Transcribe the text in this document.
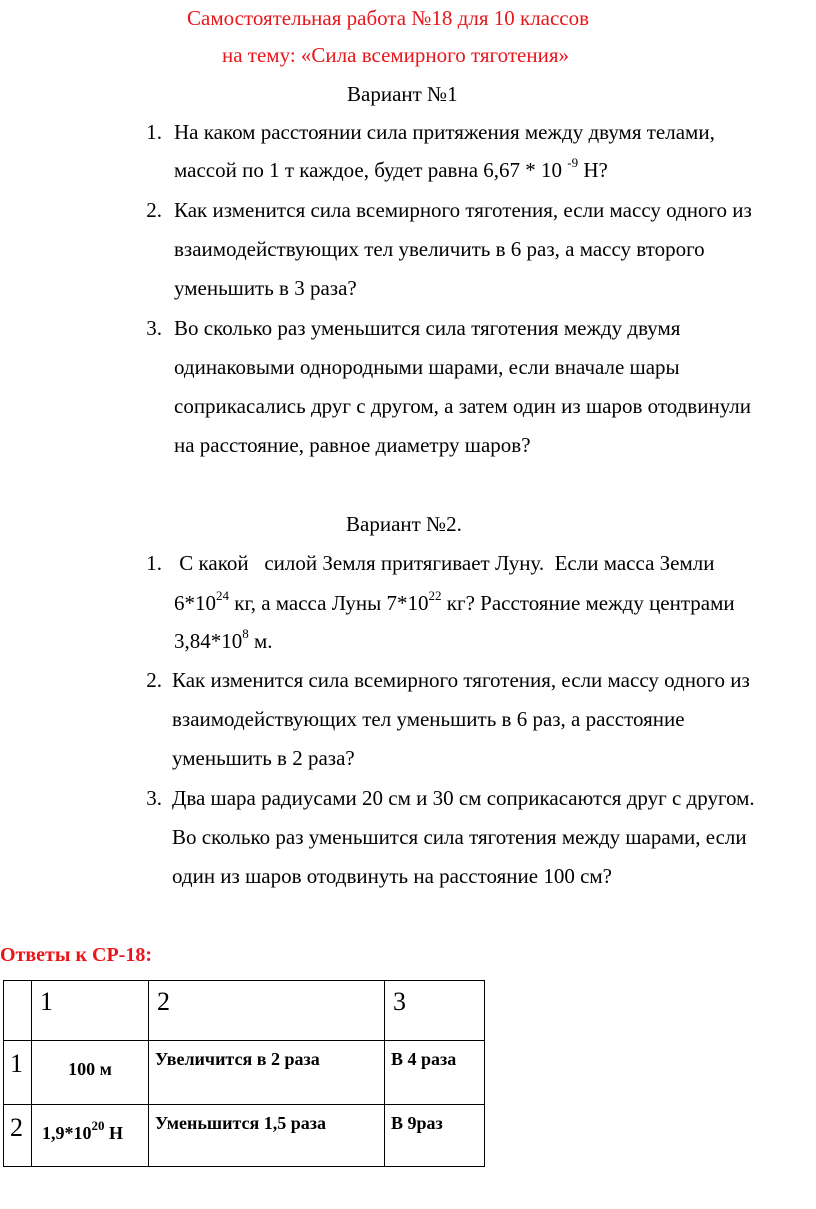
Самостоятельная работа №18 для 10 классов
на тему: «Сила всемирного тяготения»
Вариант №1
1. На каком расстоянии сила притяжения между двумя телами,
массой по 1 т каждое, будет равна 6,67 * 10 $^{-9}$ Н?
2. Как изменится сила всемирного тяготения, если массу одного из
взаимодействующих тел увеличить в 6 раз, а массу второго
уменьшить в 3 раза?
3. Во сколько раз уменьшится сила тяготения между двумя
одинаковыми однородными шарами, если вначале шары
соприкасались друг с другом, а затем один из шаров отодвинули
на расстояние, равное диаметру шаров?
Вариант №2.
1. С какой   силой Земля притягивает Луну.  Если масса Земли
$6*10^{24}$ кг, а масса Луны $7*10^{22}$ кг? Расстояние между центрами
$3,84*10^8$ м.
2. Как изменится сила всемирного тяготения, если массу одного из
взаимодействующих тел уменьшить в 6 раз, а расстояние
уменьшить в 2 раза?
3. Два шара радиусами 20 см и 30 см соприкасаются друг с другом.
Во сколько раз уменьшится сила тяготения между шарами, если
один из шаров отодвинуть на расстояние 100 см?
Ответы к СР-18:
	1	2	3
1	100 м	Увеличится в 2 раза	В 4 раза
2	$1,9*10^{20}$ Н	Уменьшится 1,5 раза	В 9раз
